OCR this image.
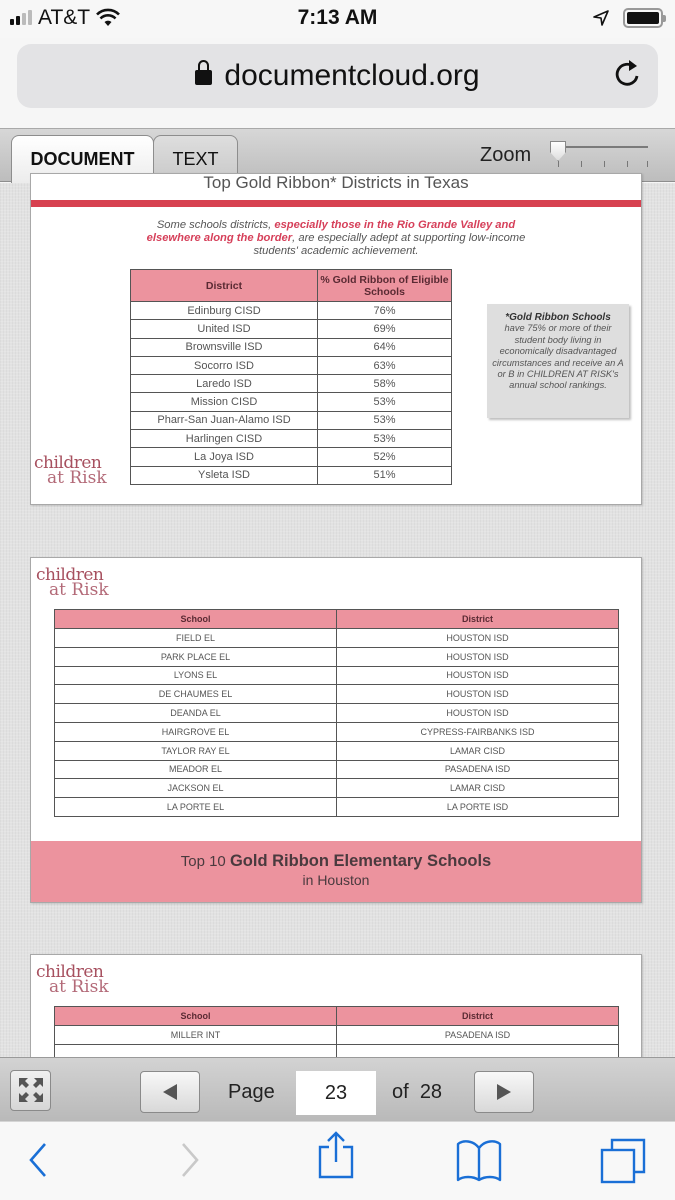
AT&T	7:13 AM
documentcloud.org
DOCUMENT	TEXT	Zoom
Top Gold Ribbon* Districts in Texas
Some schools districts, especially those in the Rio Grande Valley and elsewhere along the border, are especially adept at supporting low-income students' academic achievement.
District	% Gold Ribbon of Eligible Schools
Edinburg CISD	76%
United ISD	69%
Brownsville ISD	64%
Socorro ISD	63%
Laredo ISD	58%
Mission CISD	53%
Pharr-San Juan-Alamo ISD	53%
Harlingen CISD	53%
La Joya ISD	52%
Ysleta ISD	51%
*Gold Ribbon Schools
have 75% or more of their student body living in economically disadvantaged circumstances and receive an A or B in CHILDREN AT RISK's annual school rankings.
children
at Risk
children
at Risk
School	District
FIELD EL	HOUSTON ISD
PARK PLACE EL	HOUSTON ISD
LYONS EL	HOUSTON ISD
DE CHAUMES EL	HOUSTON ISD
DEANDA EL	HOUSTON ISD
HAIRGROVE EL	CYPRESS-FAIRBANKS ISD
TAYLOR RAY EL	LAMAR CISD
MEADOR EL	PASADENA ISD
JACKSON EL	LAMAR CISD
LA PORTE EL	LA PORTE ISD
Top 10 Gold Ribbon Elementary Schools
in Houston
children
at Risk
School	District
MILLER INT	PASADENA ISD

Page
23	of 28
